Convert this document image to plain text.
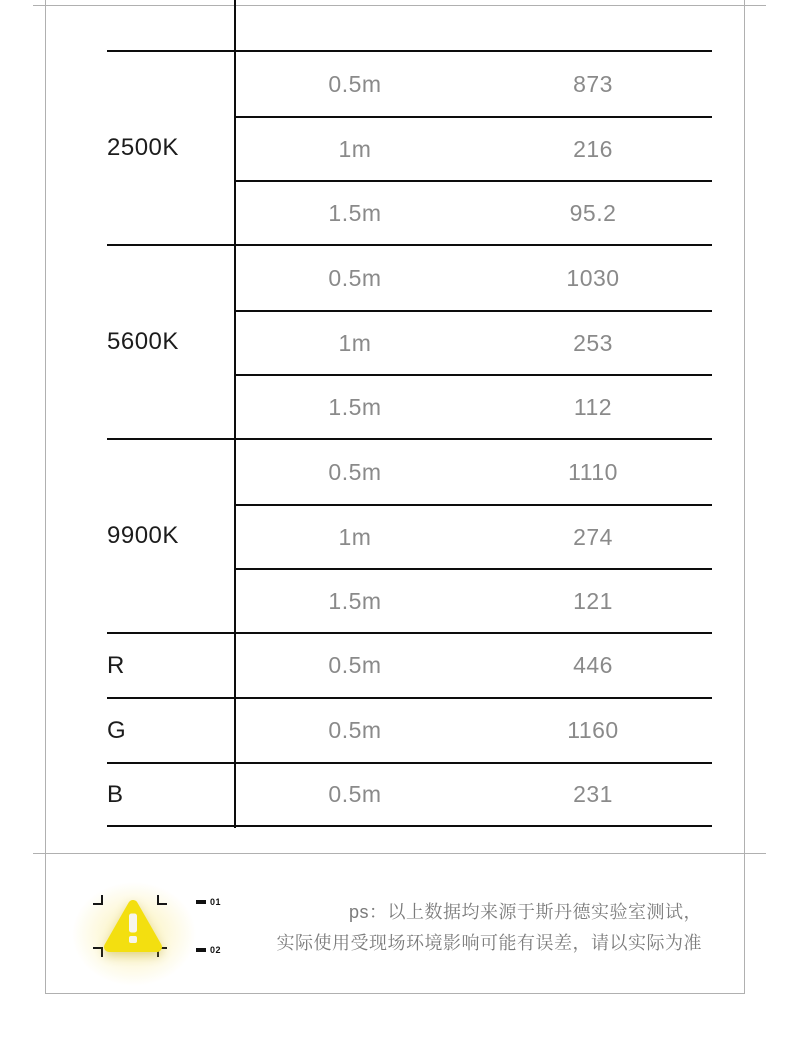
2500K
0.5m	873
1m	216
1.5m	95.2
5600K
0.5m	1030
1m	253
1.5m	112
9900K
0.5m	1110
1m	274
1.5m	121
R	0.5m	446
G	0.5m	1160
B	0.5m	231
01
02
ps：以上数据均来源于斯丹德实验室测试，
实际使用受现场环境影响可能有误差，请以实际为准
